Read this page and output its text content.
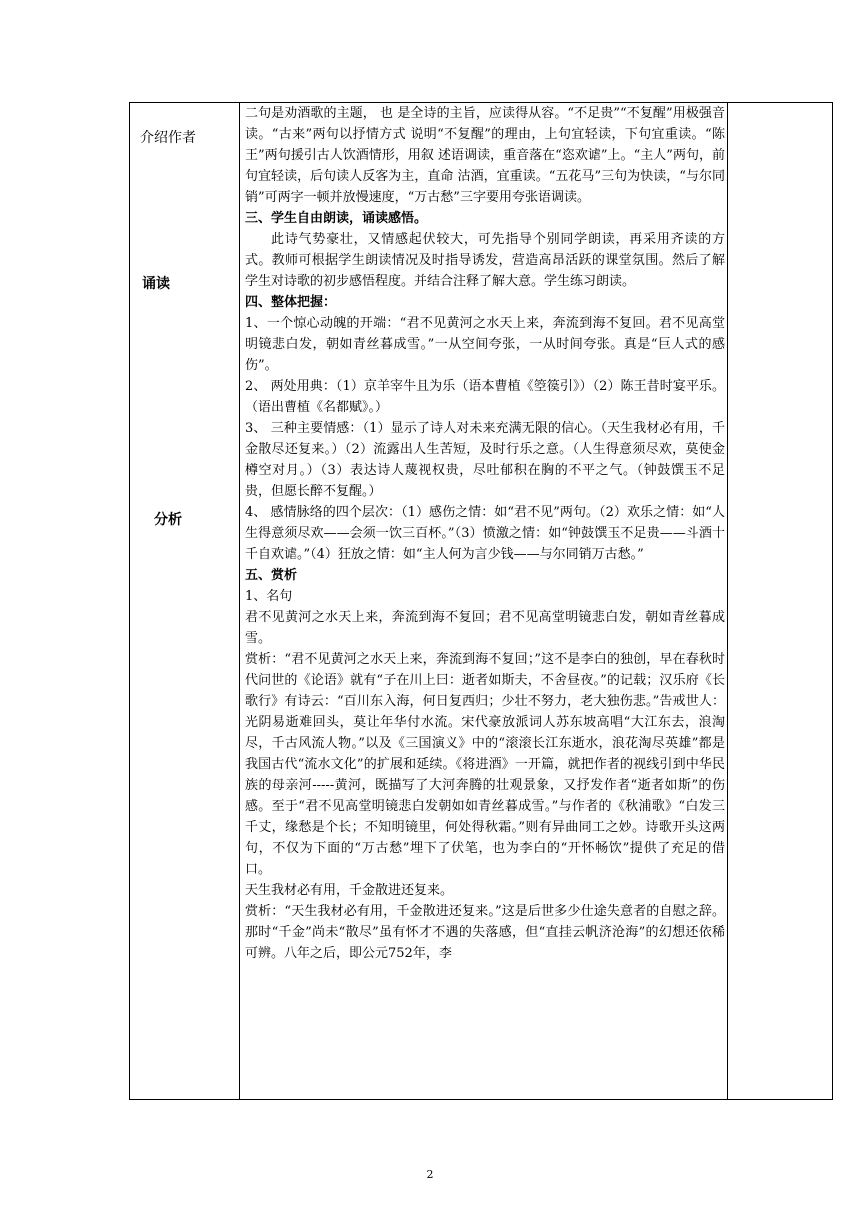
介绍作者
诵读
分析

二句是劝酒歌的主题， 也 是全诗的主旨，应读得从容。“不足贵”“不复醒”用极强音读。“古来”两句以抒情方式 说明“不复醒”的理由，上句宜轻读，下句宜重读。“陈王”两句援引古人饮酒情形，用叙 述语调读，重音落在“恣欢谑”上。“主人”两句，前句宜轻读，后句读人反客为主，直命 沽酒，宜重读。“五花马”三句为快读，“与尔同销”可两字一顿并放慢速度，“万古愁”三字要用夸张语调读。

三、学生自由朗读，诵读感悟。

此诗气势豪壮，又情感起伏较大，可先指导个别同学朗读，再采用齐读的方式。教师可根据学生朗读情况及时指导诱发，营造高昂活跃的课堂氛围。然后了解学生对诗歌的初步感悟程度。并结合注释了解大意。学生练习朗读。

四、整体把握：

1、一个惊心动魄的开端：“君不见黄河之水天上来，奔流到海不复回。君不见高堂明镜悲白发，朝如青丝暮成雪。”一从空间夸张，一从时间夸张。真是“巨人式的感伤”。

2、 两处用典：（1）京羊宰牛且为乐（语本曹植《箜篌引》）（2）陈王昔时宴平乐。（语出曹植《名都赋》。）

3、 三种主要情感：（1）显示了诗人对未来充满无限的信心。（天生我材必有用，千金散尽还复来。）（2）流露出人生苦短，及时行乐之意。（人生得意须尽欢，莫使金樽空对月。）（3）表达诗人蔑视权贵，尽吐郁积在胸的不平之气。（钟鼓馔玉不足贵，但愿长醉不复醒。）

4、 感情脉络的四个层次：（1）感伤之情：如“君不见”两句。（2）欢乐之情：如“人生得意须尽欢——会须一饮三百杯。”（3）愤激之情：如“钟鼓馔玉不足贵——斗酒十千自欢谑。”（4）狂放之情：如“主人何为言少钱——与尔同销万古愁。”

五、赏析

1、名句

君不见黄河之水天上来，奔流到海不复回；君不见高堂明镜悲白发，朝如青丝暮成雪。

赏析：“君不见黄河之水天上来，奔流到海不复回；”这不是李白的独创，早在春秋时代问世的《论语》就有“子在川上曰：逝者如斯夫，不舍昼夜。”的记载；汉乐府《长歌行》有诗云：“百川东入海，何日复西归；少壮不努力，老大独伤悲。”告戒世人：光阴易逝难回头，莫让年华付水流。宋代豪放派词人苏东坡高唱“大江东去，浪淘尽，千古风流人物。”以及《三国演义》中的“滚滚长江东逝水，浪花淘尽英雄”都是我国古代“流水文化”的扩展和延续。《将进酒》一开篇，就把作者的视线引到中华民族的母亲河-----黄河，既描写了大河奔腾的壮观景象，又抒发作者“逝者如斯”的伤感。至于“君不见高堂明镜悲白发朝如如青丝暮成雪。”与作者的《秋浦歌》“白发三千丈，缘愁是个长；不知明镜里，何处得秋霜。”则有异曲同工之妙。诗歌开头这两句，不仅为下面的“万古愁”埋下了伏笔，也为李白的“开怀畅饮”提供了充足的借口。

天生我材必有用，千金散进还复来。

赏析：“天生我材必有用，千金散进还复来。”这是后世多少仕途失意者的自慰之辞。那时“千金”尚未“散尽”虽有怀才不遇的失落感，但“直挂云帆济沧海”的幻想还依稀可辨。八年之后，即公元752年，李

2
